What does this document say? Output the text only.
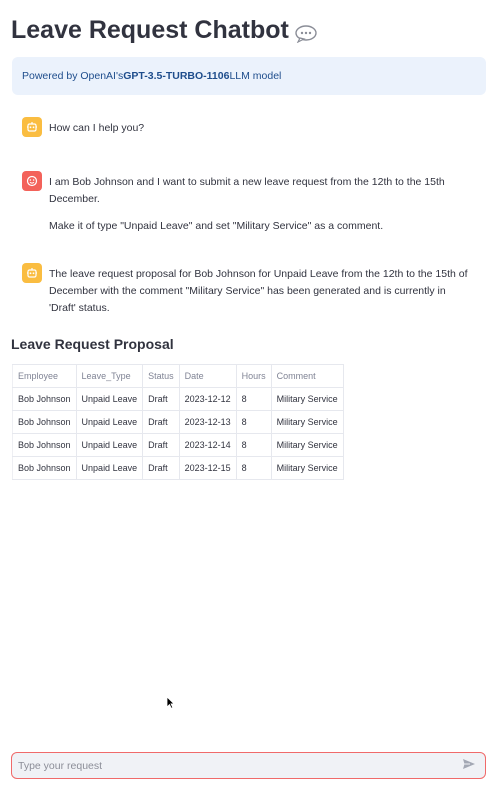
Leave Request Chatbot
Powered by OpenAI's GPT-3.5-TURBO-1106 LLM model

How can I help you?

I am Bob Johnson and I want to submit a new leave request from the 12th to the 15th December.

Make it of type "Unpaid Leave" and set "Military Service" as a comment.

The leave request proposal for Bob Johnson for Unpaid Leave from the 12th to the 15th of December with the comment "Military Service" has been generated and is currently in 'Draft' status.

Leave Request Proposal
Employee	Leave_Type	Status	Date	Hours	Comment
Bob Johnson	Unpaid Leave	Draft	2023-12-12	8	Military Service
Bob Johnson	Unpaid Leave	Draft	2023-12-13	8	Military Service
Bob Johnson	Unpaid Leave	Draft	2023-12-14	8	Military Service
Bob Johnson	Unpaid Leave	Draft	2023-12-15	8	Military Service
Type your request
